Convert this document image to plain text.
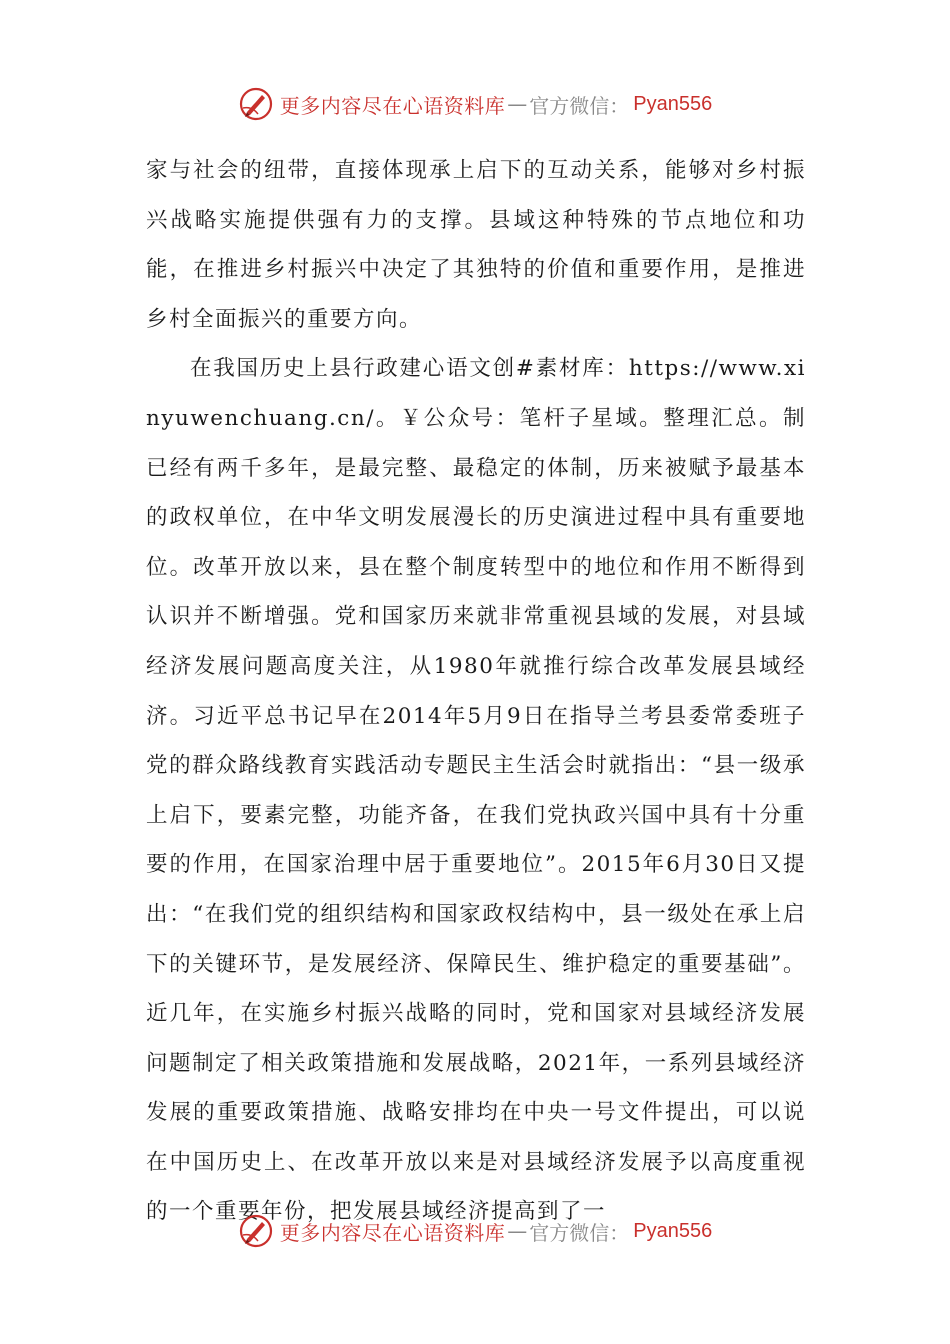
更多内容尽在心语资料库 — 官方微信： Pyan556

家与社会的纽带，直接体现承上启下的互动关系，能够对乡村振兴战略实施提供强有力的支撑。县域这种特殊的节点地位和功能，在推进乡村振兴中决定了其独特的价值和重要作用，是推进乡村全面振兴的重要方向。

在我国历史上县行政建心语文创#素材库：https://www.xinyuwenchuang.cn/。￥公众号：笔杆子星域。整理汇总。制已经有两千多年，是最完整、最稳定的体制，历来被赋予最基本的政权单位，在中华文明发展漫长的历史演进过程中具有重要地位。改革开放以来，县在整个制度转型中的地位和作用不断得到认识并不断增强。党和国家历来就非常重视县域的发展，对县域经济发展问题高度关注，从1980年就推行综合改革发展县域经济。习近平总书记早在2014年5月9日在指导兰考县委常委班子党的群众路线教育实践活动专题民主生活会时就指出：“县一级承上启下，要素完整，功能齐备，在我们党执政兴国中具有十分重要的作用，在国家治理中居于重要地位”。2015年6月30日又提出：“在我们党的组织结构和国家政权结构中，县一级处在承上启下的关键环节，是发展经济、保障民生、维护稳定的重要基础”。近几年，在实施乡村振兴战略的同时，党和国家对县域经济发展问题制定了相关政策措施和发展战略，2021年，一系列县域经济发展的重要政策措施、战略安排均在中央一号文件提出，可以说在中国历史上、在改革开放以来是对县域经济发展予以高度重视的一个重要年份，把发展县域经济提高到了一

更多内容尽在心语资料库 — 官方微信： Pyan556
